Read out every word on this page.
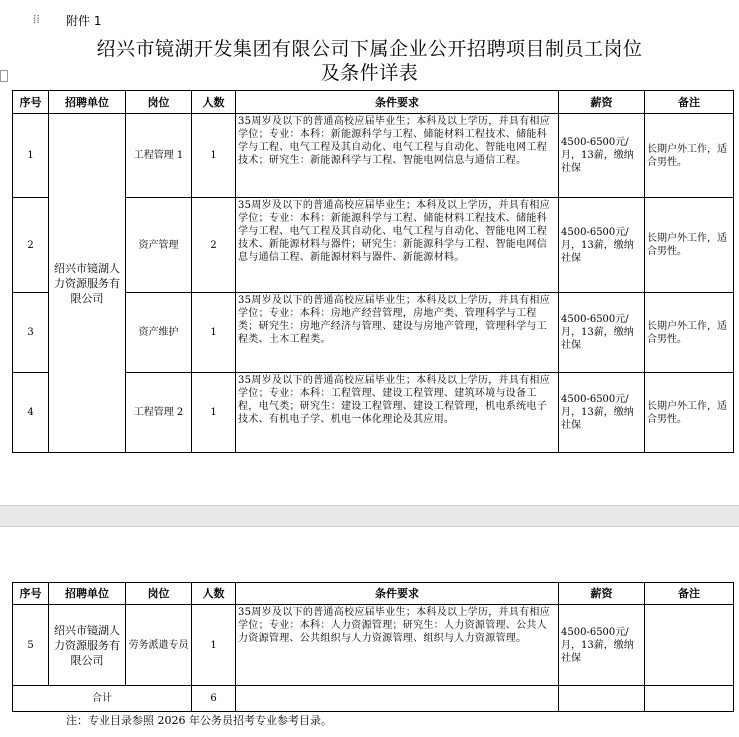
⁞⁞ 附件 1
绍兴市镜湖开发集团有限公司下属企业公开招聘项目制员工岗位
及条件详表
序号	招聘单位	岗位	人数	条件要求	薪资	备注
1	绍兴市镜湖人力资源服务有限公司	工程管理 1	1	35周岁及以下的普通高校应届毕业生；本科及以上学历，并具有相应学位；专业：本科：新能源科学与工程、储能材料工程技术、储能科学与工程、电气工程及其自动化、电气工程与自动化、智能电网工程技术；研究生：新能源科学与工程、智能电网信息与通信工程。	4500-6500元/月，13薪，缴纳社保	长期户外工作，适合男性。
2		资产管理	2	35周岁及以下的普通高校应届毕业生；本科及以上学历，并具有相应学位；专业：本科：新能源科学与工程、储能材料工程技术、储能科学与工程、电气工程及其自动化、电气工程与自动化、智能电网工程技术、新能源材料与器件；研究生：新能源科学与工程、智能电网信息与通信工程、新能源材料与器件、新能源材料。	4500-6500元/月，13薪，缴纳社保	长期户外工作，适合男性。
3		资产维护	1	35周岁及以下的普通高校应届毕业生；本科及以上学历，并具有相应学位；专业：本科：房地产经营管理，房地产类、管理科学与工程类；研究生：房地产经济与管理、建设与房地产管理，管理科学与工程类、土木工程类。	4500-6500元/月，13薪，缴纳社保	长期户外工作，适合男性。
4		工程管理 2	1	35周岁及以下的普通高校应届毕业生；本科及以上学历，并具有相应学位；专业：本科：工程管理、建设工程管理、建筑环境与设备工程，电气类；研究生：建设工程管理、建设工程管理，机电系统电子技术、有机电子学、机电一体化理论及其应用。	4500-6500元/月，13薪，缴纳社保	长期户外工作，适合男性。
序号	招聘单位	岗位	人数	条件要求	薪资	备注
5	绍兴市镜湖人力资源服务有限公司	劳务派遣专员	1	35周岁及以下的普通高校应届毕业生；本科及以上学历，并具有相应学位；专业：本科：人力资源管理；研究生：人力资源管理、公共人力资源管理、公共组织与人力资源管理、组织与人力资源管理。	4500-6500元/月，13薪，缴纳社保	
合计			6			
注：专业目录参照 2026 年公务员招考专业参考目录。
